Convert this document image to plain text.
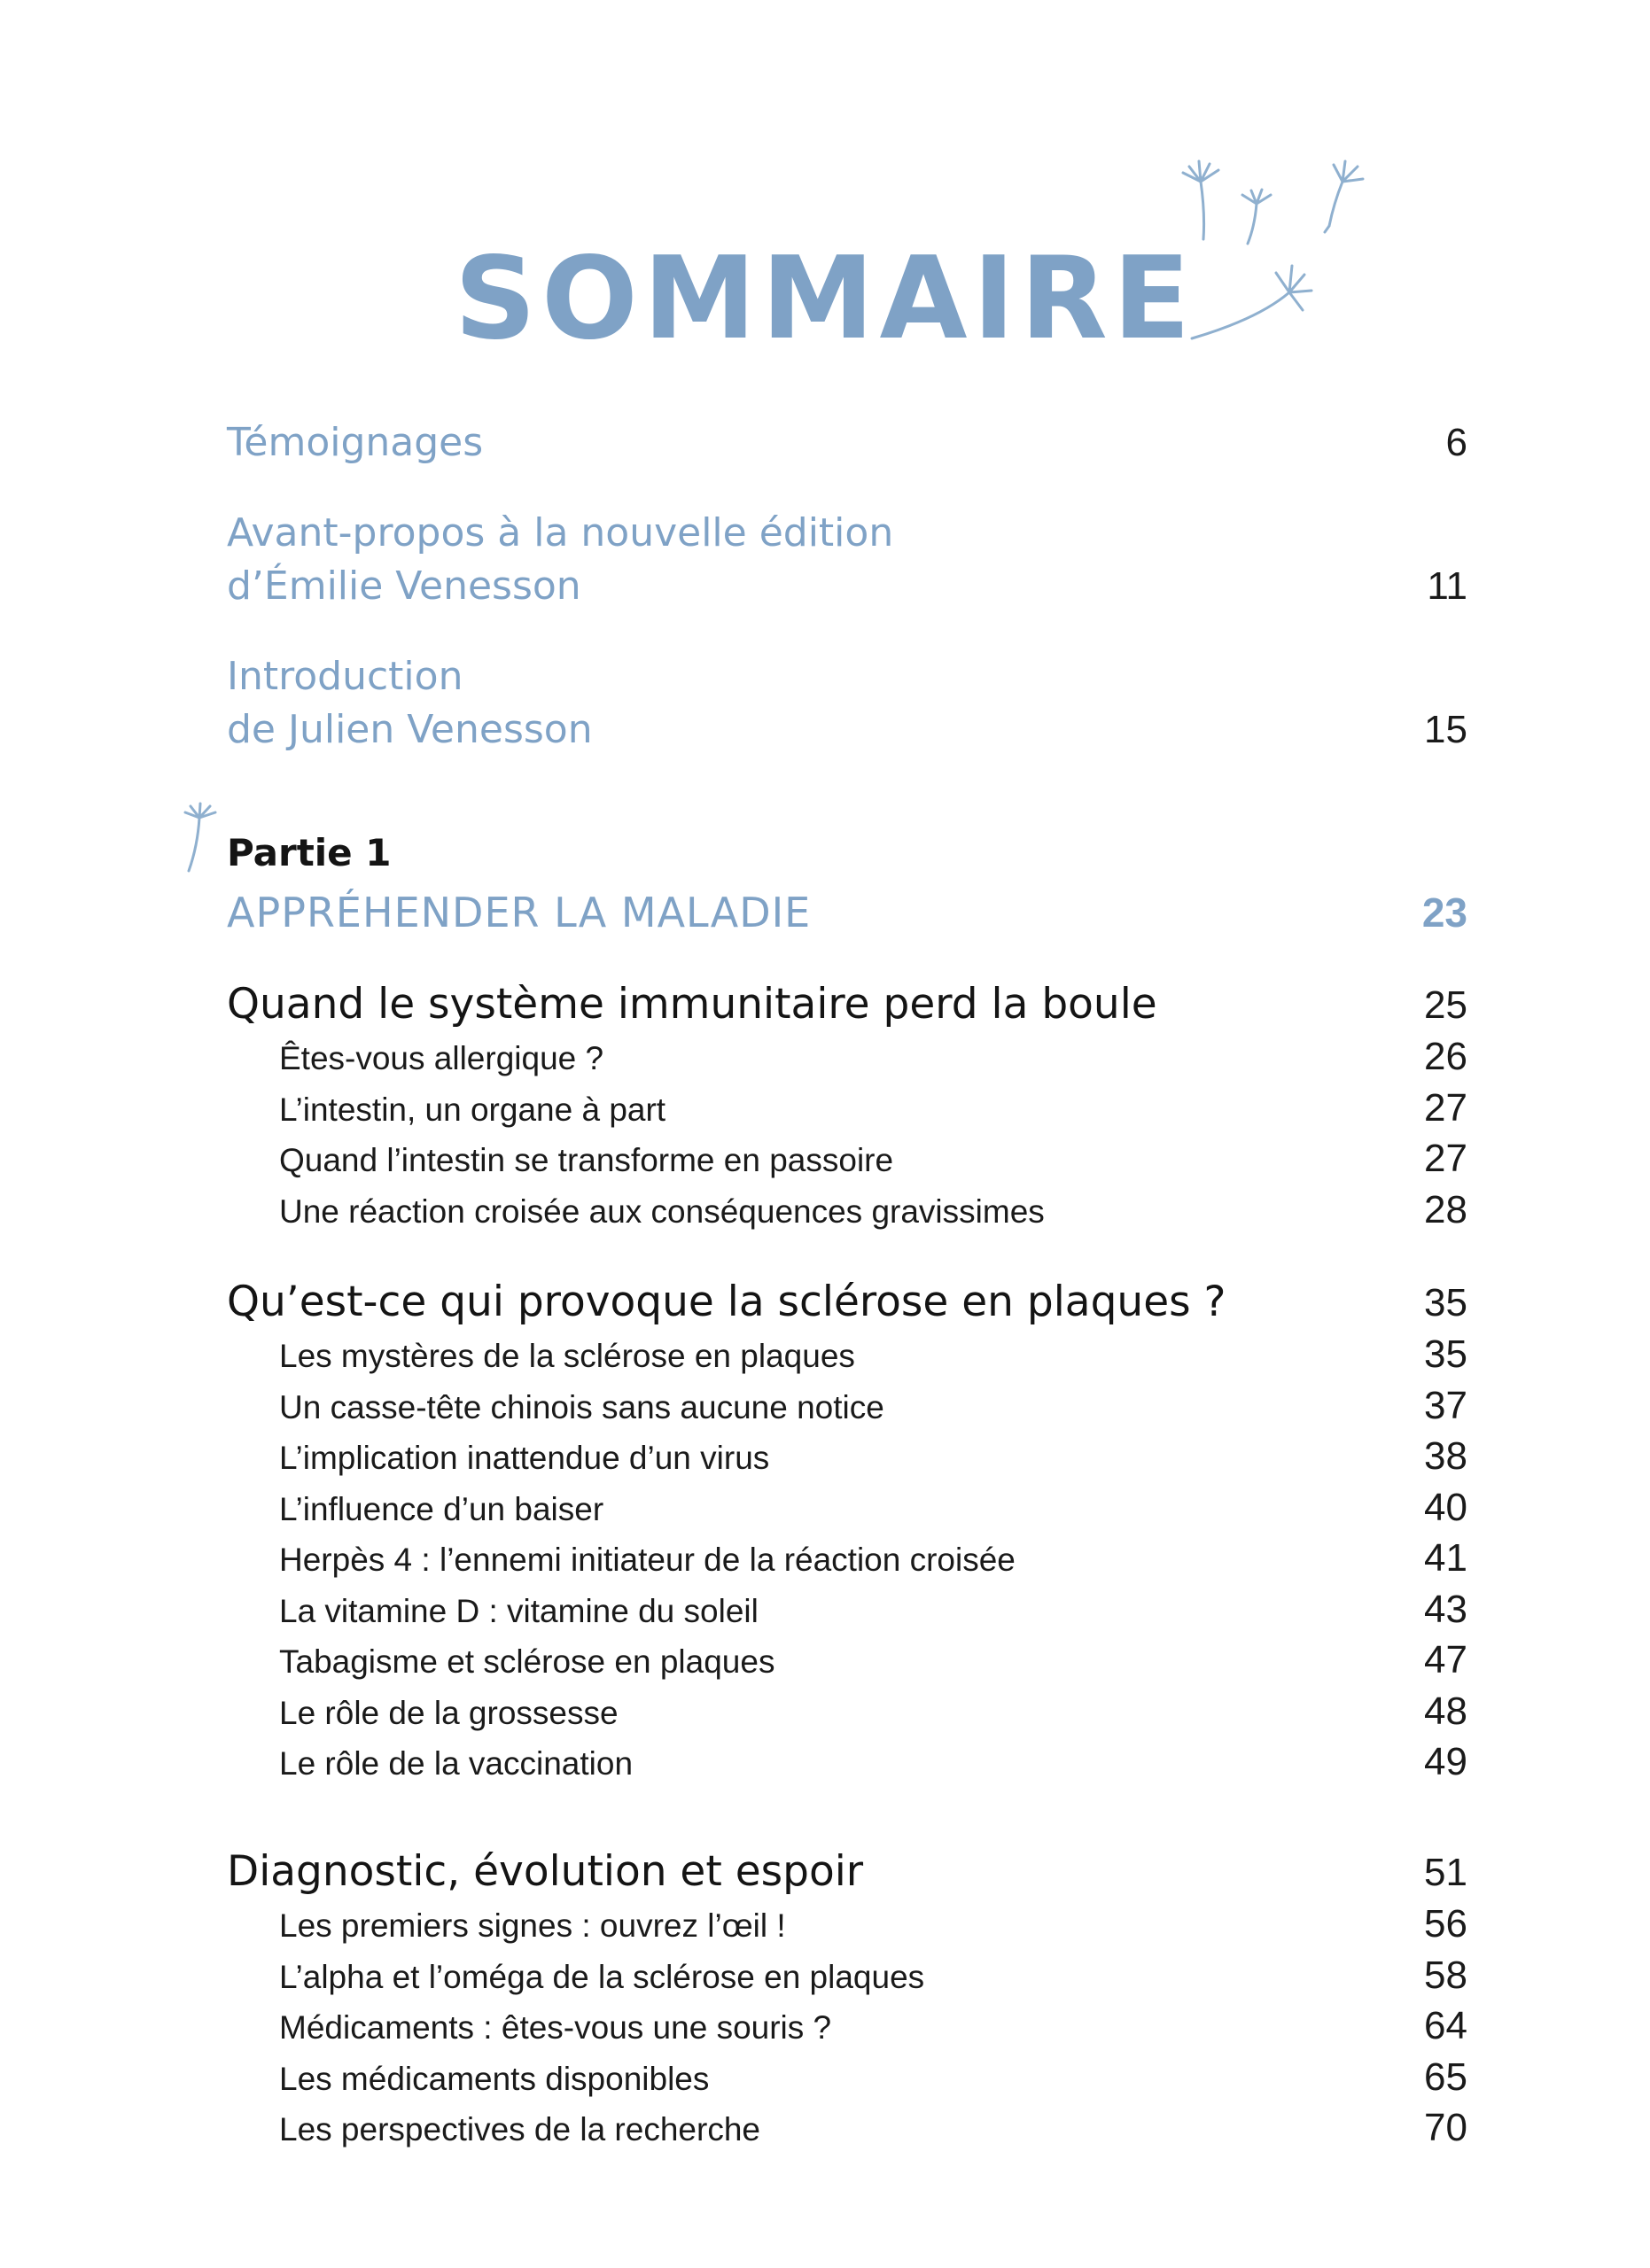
SOMMAIRE
Témoignages	6
Avant-propos à la nouvelle édition
d’Émilie Venesson	11
Introduction
de Julien Venesson	15
Partie 1
APPRÉHENDER LA MALADIE	23
Quand le système immunitaire perd la boule	25
Êtes-vous allergique ?	26
L’intestin, un organe à part	27
Quand l’intestin se transforme en passoire	27
Une réaction croisée aux conséquences gravissimes	28
Qu’est-ce qui provoque la sclérose en plaques ?	35
Les mystères de la sclérose en plaques	35
Un casse-tête chinois sans aucune notice	37
L’implication inattendue d’un virus	38
L’influence d’un baiser	40
Herpès 4 : l’ennemi initiateur de la réaction croisée	41
La vitamine D : vitamine du soleil	43
Tabagisme et sclérose en plaques	47
Le rôle de la grossesse	48
Le rôle de la vaccination	49
Diagnostic, évolution et espoir	51
Les premiers signes : ouvrez l’œil !	56
L’alpha et l’oméga de la sclérose en plaques	58
Médicaments : êtes-vous une souris ?	64
Les médicaments disponibles	65
Les perspectives de la recherche	70
